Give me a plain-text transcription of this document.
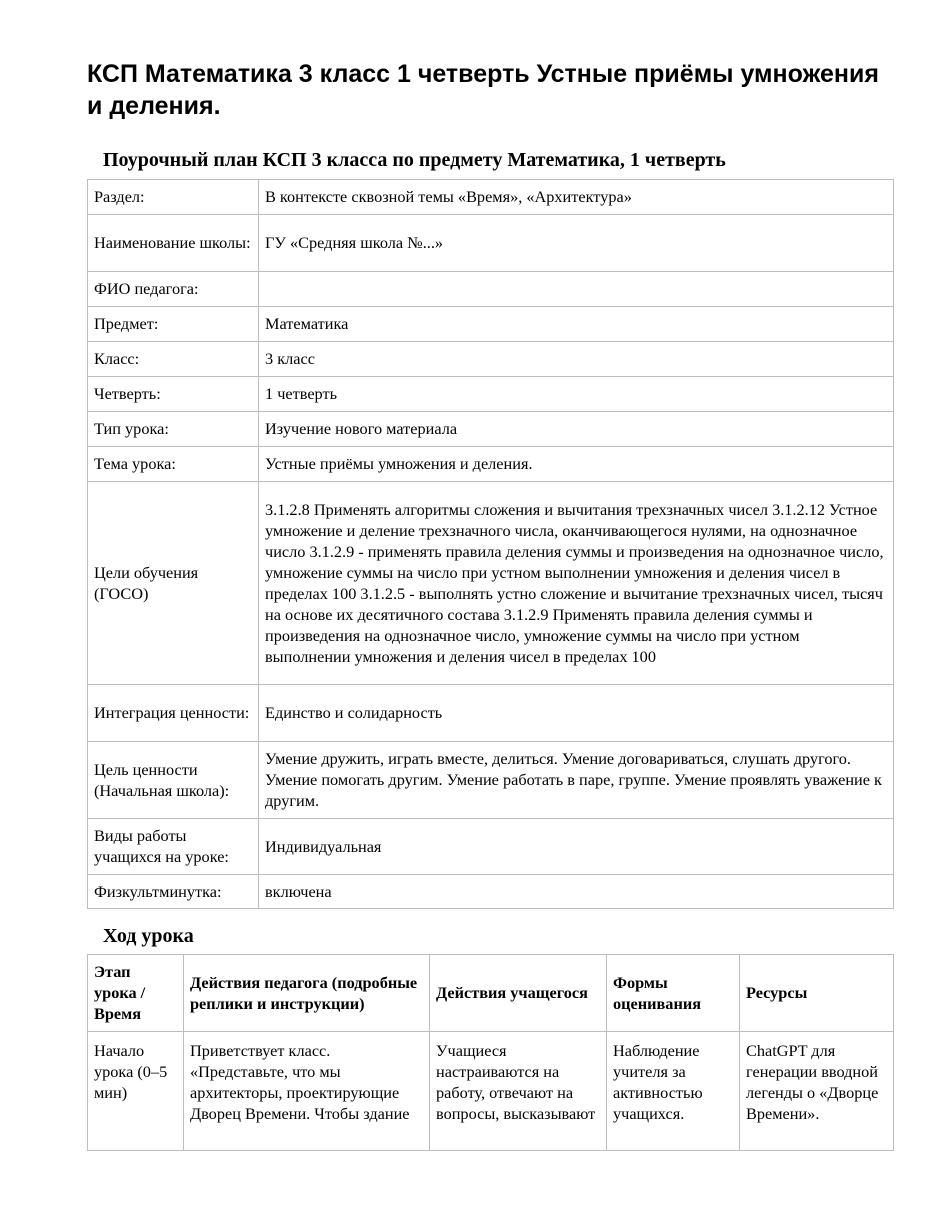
КСП Математика 3 класс 1 четверть Устные приёмы умножения и деления.
Поурочный план КСП 3 класса по предмету Математика, 1 четверть
Раздел:	В контексте сквозной темы «Время», «Архитектура»
Наименование школы:	ГУ «Средняя школа №...»
ФИО педагога:	
Предмет:	Математика
Класс:	3 класс
Четверть:	1 четверть
Тип урока:	Изучение нового материала
Тема урока:	Устные приёмы умножения и деления.
Цели обучения (ГОСО)	3.1.2.8 Применять алгоритмы сложения и вычитания трехзначных чисел 3.1.2.12 Устное умножение и деление трехзначного числа, оканчивающегося нулями, на однозначное число 3.1.2.9 - применять правила деления суммы и произведения на однозначное число, умножение суммы на число при устном выполнении умножения и деления чисел в пределах 100 3.1.2.5 - выполнять устно сложение и вычитание трехзначных чисел, тысяч на основе их десятичного состава 3.1.2.9 Применять правила деления суммы и произведения на однозначное число, умножение суммы на число при устном выполнении умножения и деления чисел в пределах 100
Интеграция ценности:	Единство и солидарность
Цель ценности (Начальная школа):	Умение дружить, играть вместе, делиться. Умение договариваться, слушать другого. Умение помогать другим. Умение работать в паре, группе. Умение проявлять уважение к другим.
Виды работы учащихся на уроке:	Индивидуальная
Физкультминутка:	включена
Ход урока
Этап урока / Время	Действия педагога (подробные реплики и инструкции)	Действия учащегося	Формы оценивания	Ресурсы
Начало урока (0–5 мин)	Приветствует класс. «Представьте, что мы архитекторы, проектирующие Дворец Времени. Чтобы здание	Учащиеся настраиваются на работу, отвечают на вопросы, высказывают	Наблюдение учителя за активностью учащихся.	ChatGPT для генерации вводной легенды о «Дворце Времени».
